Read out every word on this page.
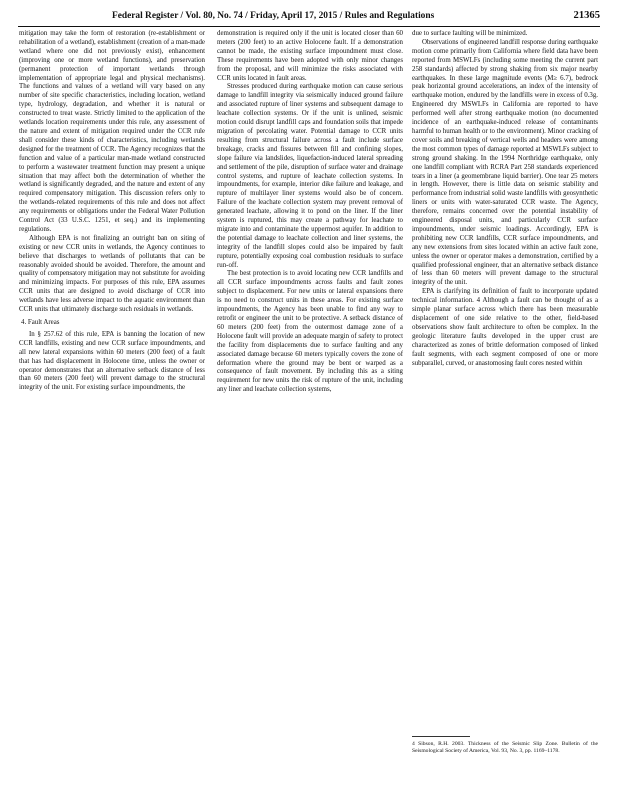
Federal Register / Vol. 80, No. 74 / Friday, April 17, 2015 / Rules and Regulations	21365

mitigation may take the form of restoration (re-establishment or rehabilitation of a wetland), establishment (creation of a man-made wetland where one did not previously exist), enhancement (improving one or more wetland functions), and preservation (permanent protection of important wetlands through implementation of appropriate legal and physical mechanisms). The functions and values of a wetland will vary based on any number of site specific characteristics, including location, wetland type, hydrology, degradation, and whether it is natural or constructed to treat waste. Strictly limited to the application of the wetlands location requirements under this rule, any assessment of the nature and extent of mitigation required under the CCR rule shall consider these kinds of characteristics, including wetlands designed for the treatment of CCR. The Agency recognizes that the function and value of a particular man-made wetland constructed to perform a wastewater treatment function may present a unique situation that may affect both the determination of whether the wetland is significantly degraded, and the nature and extent of any required compensatory mitigation. This discussion refers only to the wetlands-related requirements of this rule and does not affect any requirements or obligations under the Federal Water Pollution Control Act (33 U.S.C. 1251, et seq.) and its implementing regulations.

Although EPA is not finalizing an outright ban on siting of existing or new CCR units in wetlands, the Agency continues to believe that discharges to wetlands of pollutants that can be reasonably avoided should be avoided. Therefore, the amount and quality of compensatory mitigation may not substitute for avoiding and minimizing impacts. For purposes of this rule, EPA assumes CCR units that are designed to avoid discharge of CCR into wetlands have less adverse impact to the aquatic environment than CCR units that ultimately discharge such residuals in wetlands.

4. Fault Areas

In § 257.62 of this rule, EPA is banning the location of new CCR landfills, existing and new CCR surface impoundments, and all new lateral expansions within 60 meters (200 feet) of a fault that has had displacement in Holocene time, unless the owner or operator demonstrates that an alternative setback distance of less than 60 meters (200 feet) will prevent damage to the structural integrity of the unit. For existing surface impoundments, the

demonstration is required only if the unit is located closer than 60 meters (200 feet) to an active Holocene fault. If a demonstration cannot be made, the existing surface impoundment must close. These requirements have been adopted with only minor changes from the proposal, and will minimize the risks associated with CCR units located in fault areas.

Stresses produced during earthquake motion can cause serious damage to landfill integrity via seismically induced ground failure and associated rupture of liner systems and subsequent damage to leachate collection systems. Or if the unit is unlined, seismic motion could disrupt landfill caps and foundation soils that impede migration of percolating water. Potential damage to CCR units resulting from structural failure across a fault include surface breakage, cracks and fissures between fill and confining slopes, slope failure via landslides, liquefaction-induced lateral spreading and settlement of the pile, disruption of surface water and drainage control systems, and rupture of leachate collection systems. In impoundments, for example, interior dike failure and leakage, and rupture of multilayer liner systems would also be of concern. Failure of the leachate collection system may prevent removal of generated leachate, allowing it to pond on the liner. If the liner system is ruptured, this may create a pathway for leachate to migrate into and contaminate the uppermost aquifer. In addition to the potential damage to leachate collection and liner systems, the integrity of the landfill slopes could also be impaired by fault rupture, potentially exposing coal combustion residuals to surface run-off.

The best protection is to avoid locating new CCR landfills and all CCR surface impoundments across faults and fault zones subject to displacement. For new units or lateral expansions there is no need to construct units in these areas. For existing surface impoundments, the Agency has been unable to find any way to retrofit or engineer the unit to be protective. A setback distance of 60 meters (200 feet) from the outermost damage zone of a Holocene fault will provide an adequate margin of safety to protect the facility from displacements due to surface faulting and any associated damage because 60 meters typically covers the zone of deformation where the ground may be bent or warped as a consequence of fault movement. By including this as a siting requirement for new units the risk of rupture of the unit, including any liner and leachate collection systems,

due to surface faulting will be minimized.

Observations of engineered landfill response during earthquake motion come primarily from California where field data have been reported from MSWLFs (including some meeting the current part 258 standards) affected by strong shaking from six major nearby earthquakes. In these large magnitude events (M≥ 6.7), bedrock peak horizontal ground accelerations, an index of the intensity of earthquake motion, endured by the landfills were in excess of 0.3g. Engineered dry MSWLFs in California are reported to have performed well after strong earthquake motion (no documented incidence of an earthquake-induced release of contaminants harmful to human health or to the environment). Minor cracking of cover soils and breaking of vertical wells and headers were among the most common types of damage reported at MSWLFs subject to strong ground shaking. In the 1994 Northridge earthquake, only one landfill compliant with RCRA Part 258 standards experienced tears in a liner (a geomembrane liquid barrier). One tear 25 meters in length. However, there is little data on seismic stability and performance from industrial solid waste landfills with geosynthetic liners or units with water-saturated CCR waste. The Agency, therefore, remains concerned over the potential instability of engineered disposal units, and particularly CCR surface impoundments, under seismic loadings. Accordingly, EPA is prohibiting new CCR landfills, CCR surface impoundments, and any new extensions from sites located within an active fault zone, unless the owner or operator makes a demonstration, certified by a qualified professional engineer, that an alternative setback distance of less than 60 meters will prevent damage to the structural integrity of the unit.

EPA is clarifying its definition of fault to incorporate updated technical information. 4 Although a fault can be thought of as a simple planar surface across which there has been measurable displacement of one side relative to the other, field-based observations show fault architecture to often be complex. In the geologic literature faults developed in the upper crust are characterized as zones of brittle deformation composed of linked fault segments, with each segment composed of one or more subparallel, curved, or anastomosing fault cores nested within

4 Sibson, R.H. 2003. Thickness of the Seismic Slip Zone. Bulletin of the Seismological Society of America, Vol. 93, No. 3, pp. 1169–1178.
